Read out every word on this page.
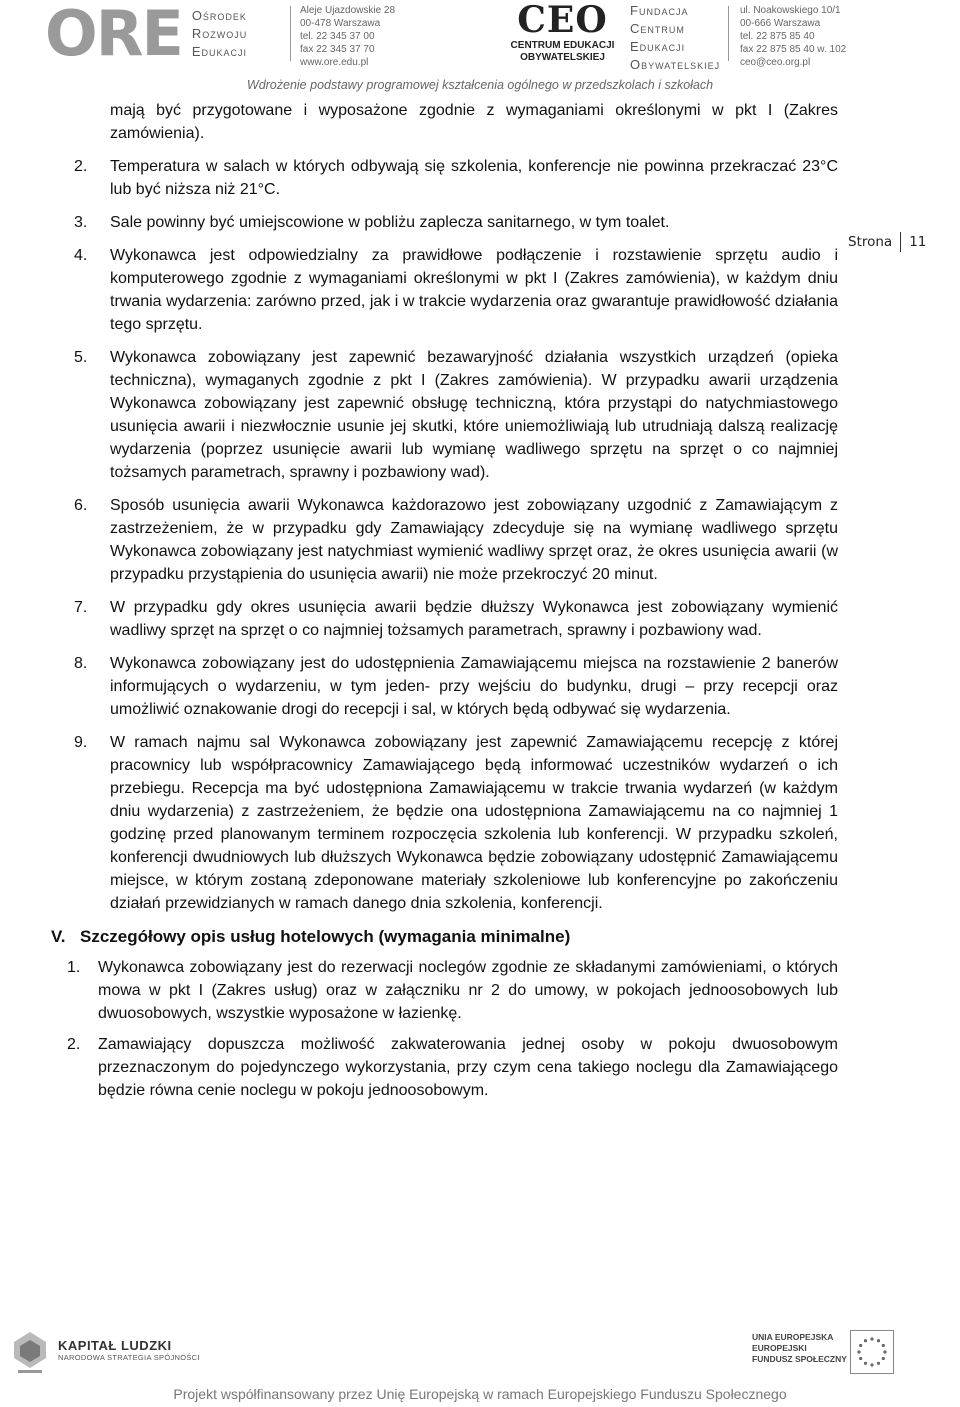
ORE Ośrodek
Rozwoju
Edukacji
Aleje Ujazdowskie 28
00-478 Warszawa
tel. 22 345 37 00
fax 22 345 37 70
www.ore.edu.pl
CEO
CENTRUM EDUKACJI
OBYWATELSKIEJ
Fundacja
Centrum
Edukacji
Obywatelskiej
ul. Noakowskiego 10/1
00-666 Warszawa
tel. 22 875 85 40
fax 22 875 85 40 w. 102
ceo@ceo.org.pl
Wdrożenie podstawy programowej kształcenia ogólnego w przedszkolach i szkołach
Strona	11

mają być przygotowane i wyposażone zgodnie z wymaganiami określonymi w pkt I (Zakres zamówienia).

2. Temperatura w salach w których odbywają się szkolenia, konferencje nie powinna przekraczać 23°C lub być niższa niż 21°C.
3. Sale powinny być umiejscowione w pobliżu zaplecza sanitarnego, w tym toalet.
4. Wykonawca jest odpowiedzialny za prawidłowe podłączenie i rozstawienie sprzętu audio i komputerowego zgodnie z wymaganiami określonymi w pkt I (Zakres zamówienia), w każdym dniu trwania wydarzenia: zarówno przed, jak i w trakcie wydarzenia oraz gwarantuje prawidłowość działania tego sprzętu.
5. Wykonawca zobowiązany jest zapewnić bezawaryjność działania wszystkich urządzeń (opieka techniczna), wymaganych zgodnie z pkt I (Zakres zamówienia). W przypadku awarii urządzenia Wykonawca zobowiązany jest zapewnić obsługę techniczną, która przystąpi do natychmiastowego usunięcia awarii i niezwłocznie usunie jej skutki, które uniemożliwiają lub utrudniają dalszą realizację wydarzenia (poprzez usunięcie awarii lub wymianę wadliwego sprzętu na sprzęt o co najmniej tożsamych parametrach, sprawny i pozbawiony wad).
6. Sposób usunięcia awarii Wykonawca każdorazowo jest zobowiązany uzgodnić z Zamawiającym z zastrzeżeniem, że w przypadku gdy Zamawiający zdecyduje się na wymianę wadliwego sprzętu Wykonawca zobowiązany jest natychmiast wymienić wadliwy sprzęt oraz, że okres usunięcia awarii (w przypadku przystąpienia do usunięcia awarii) nie może przekroczyć 20 minut.
7. W przypadku gdy okres usunięcia awarii będzie dłuższy Wykonawca jest zobowiązany wymienić wadliwy sprzęt na sprzęt o co najmniej tożsamych parametrach, sprawny i pozbawiony wad.
8. Wykonawca zobowiązany jest do udostępnienia Zamawiającemu miejsca na rozstawienie 2 banerów informujących o wydarzeniu, w tym jeden- przy wejściu do budynku, drugi – przy recepcji oraz umożliwić oznakowanie drogi do recepcji i sal, w których będą odbywać się wydarzenia.
9. W ramach najmu sal Wykonawca zobowiązany jest zapewnić Zamawiającemu recepcję z której pracownicy lub współpracownicy Zamawiającego będą informować uczestników wydarzeń o ich przebiegu. Recepcja ma być udostępniona Zamawiającemu w trakcie trwania wydarzeń (w każdym dniu wydarzenia) z zastrzeżeniem, że będzie ona udostępniona Zamawiającemu na co najmniej 1 godzinę przed planowanym terminem rozpoczęcia szkolenia lub konferencji. W przypadku szkoleń, konferencji dwudniowych lub dłuższych Wykonawca będzie zobowiązany udostępnić Zamawiającemu miejsce, w którym zostaną zdeponowane materiały szkoleniowe lub konferencyjne po zakończeniu działań przewidzianych w ramach danego dnia szkolenia, konferencji.
V. Szczegółowy opis usług hotelowych (wymagania minimalne)
1. Wykonawca zobowiązany jest do rezerwacji noclegów zgodnie ze składanymi zamówieniami, o których mowa w pkt I (Zakres usług) oraz w załączniku nr 2 do umowy, w pokojach jednoosobowych lub dwuosobowych, wszystkie wyposażone w łazienkę.
2. Zamawiający dopuszcza możliwość zakwaterowania jednej osoby w pokoju dwuosobowym przeznaczonym do pojedynczego wykorzystania, przy czym cena takiego noclegu dla Zamawiającego będzie równa cenie noclegu w pokoju jednoosobowym.
KAPITAŁ LUDZKI
NARODOWA STRATEGIA SPÓJNOŚCI
UNIA EUROPEJSKA
EUROPEJSKI
FUNDUSZ SPOŁECZNY
Projekt współfinansowany przez Unię Europejską w ramach Europejskiego Funduszu Społecznego
